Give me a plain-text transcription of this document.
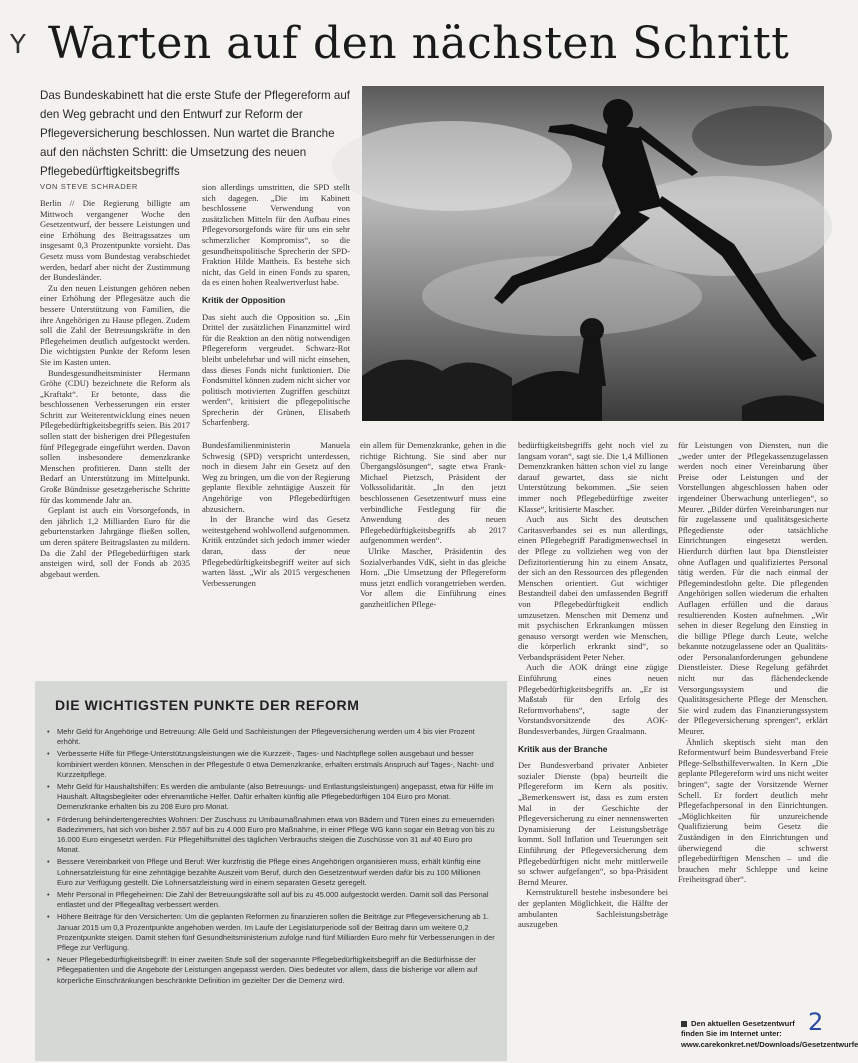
Y Warten auf den nächsten Schritt
Das Bundeskabinett hat die erste Stufe der Pflegereform auf den Weg gebracht und den Entwurf zur Reform der Pflegeversicherung beschlossen. Nun wartet die Branche auf den nächsten Schritt: die Umsetzung des neuen Pflegebedürftigkeitsbegriffs
VON STEVE SCHRADER

Berlin // Die Regierung billigte am Mittwoch vergangener Woche den Gesetzentwurf, der bessere Leistungen und eine Erhöhung des Beitragssatzes um insgesamt 0,3 Prozentpunkte vorsieht. Das Gesetz muss vom Bundestag verabschiedet werden, bedarf aber nicht der Zustimmung der Bundesländer.

Zu den neuen Leistungen gehören neben einer Erhöhung der Pflegesätze auch die bessere Unterstützung von Familien, die ihre Angehörigen zu Hause pflegen. Zudem soll die Zahl der Betreuungskräfte in den Pflegeheimen deutlich aufgestockt werden. Die wichtigsten Punkte der Reform lesen Sie im Kasten unten.

Bundesgesundheitsminister Hermann Gröhe (CDU) bezeichnete die Reform als „Kraftakt“. Er betonte, dass die beschlossenen Verbesserungen ein erster Schritt zur Weiterentwicklung eines neuen Pflegebedürftigkeitsbegriffs seien. Bis 2017 sollen statt der bisherigen drei Pflegestufen fünf Pflegegrade eingeführt werden. Davon sollen insbesondere demenzkranke Menschen profitieren. Dann stellt der Bedarf an Unterstützung im Mittelpunkt. Große Bündnisse gesetzgeberische Schritte für das kommende Jahr an.

Geplant ist auch ein Vorsorgefonds, in den jährlich 1,2 Milliarden Euro für die geburtenstarken Jahrgänge fließen sollen, um deren spätere Beitragslasten zu mildern. Da die Zahl der Pflegebedürftigen stark ansteigen wird, soll der Fonds ab 2035 abgebaut werden.

sion allerdings umstritten, die SPD stellt sich dagegen. „Die im Kabinett beschlossene Verwendung von zusätzlichen Mitteln für den Aufbau eines Pflegevorsorgefonds wäre für uns ein sehr schmerzlicher Kompromiss“, so die gesundheitspolitische Sprecherin der SPD-Fraktion Hilde Mattheis. Es bestehe sich nicht, das Geld in einen Fonds zu sparen, da es einen hohen Realwertverlust habe.

Kritik der Opposition

Das sieht auch die Opposition so. „Ein Drittel der zusätzlichen Finanzmittel wird für die Reaktion an den nötig notwendigen Pflegereform vergeudet. Schwarz-Rot bleibt unbelehrbar und will nicht einsehen, dass dieses Fonds nicht funktioniert. Die Fondsmittel können zudem nicht sicher vor politisch motivierten Zugriffen geschützt werden“, kritisiert die pflegepolitische Sprecherin der Grünen, Elisabeth Scharfenberg.

Bundesfamilienministerin Manuela Schwesig (SPD) verspricht unterdessen, noch in diesem Jahr ein Gesetz auf den Weg zu bringen, um die von der Regierung geplante flexible zehntägige Auszeit für Angehörige von Pflegebedürftigen abzusichern.

In der Branche wird das Gesetz weitestgehend wohlwollend aufgenommen. Kritik entzündet sich jedoch immer wieder daran, dass der neue Pflegebedürftigkeitsbegriff weiter auf sich warten lässt. „Wir als 2015 vergeschenen Verbesserungen

ein allem für Demenzkranke, gehen in die richtige Richtung. Sie sind aber nur Übergangslösungen“, sagte etwa Frank-Michael Pietzsch, Präsident der Volkssolidarität. „In den jetzt beschlossenen Gesetzentwurf muss eine verbindliche Festlegung für die Anwendung des neuen Pflegebedürftigkeitsbegriffs ab 2017 aufgenommen werden“.

Ulrike Mascher, Präsidentin des Sozialverbandes VdK, sieht in das gleiche Horn. „Die Umsetzung der Pflegereform muss jetzt endlich vorangetrieben werden. Vor allem die Einführung eines ganzheitlichen Pflege-

bedürftigkeitsbegriffs geht noch viel zu langsam voran“, sagt sie. Die 1,4 Millionen Demenzkranken hätten schon viel zu lange darauf gewartet, dass sie nicht Unterstützung bekommen. „Sie seien immer noch Pflegebedürftige zweiter Klasse“, kritisierte Mascher.

Auch aus Sicht des deutschen Caritasverbandes sei es nun allerdings, einen Pflegebegriff Paradigmenwechsel in der Pflege zu vollziehen weg von der Defizitorientierung hin zu einem Ansatz, der sich an den Ressourcen des pflegenden Menschen orientiert. Gut wichtiger Bestandteil dabei den umfassenden Begriff von Pflegebedürftigkeit endlich umzusetzen. Menschen mit Demenz und mit psychischen Erkrankungen müssen genauso versorgt werden wie Menschen, die körperlich erkrankt sind“, so Verbandspräsident Peter Neher.

Auch die AOK drängt eine zügige Einführung eines neuen Pflegebedürftigkeitsbegriffs an. „Er ist Maßstab für den Erfolg des Reformvorhabens“, sagte der Vorstandsvorsitzende des AOK-Bundesverbandes, Jürgen Graalmann.

Kritik aus der Branche

Der Bundesverband privater Anbieter sozialer Dienste (bpa) beurteilt die Pflegereform im Kern als positiv. „Bemerkenswert ist, dass es zum ersten Mal in der Geschichte der Pflegeversicherung zu einer nennenswerten Dynamisierung der Leistungsbeträge kommt. Soll Inflation und Teuerungen seit Einführung der Pflegeversicherung dem Pflegebedürftigen nicht mehr mittlerweile so schwer aufgefangen“, so bpa-Präsident Bernd Meurer.

Kernstrukturell bestehe insbesondere bei der geplanten Möglichkeit, die Hälfte der ambulanten Sachleistungsbeträge auszugeben

für Leistungen von Diensten, nun die „weder unter der Pflegekassenzugelassen werden noch einer Vereinbarung über Preise oder Leistungen und der Vorstellungen abgeschlossen haben oder irgendeiner Überwachung unterliegen“, so Meurer. „Bilder dürfen Vereinbarungen nur für zugelassene und qualitätsgesicherte Pflegedienste oder tatsächliche Einrichtungen eingesetzt werden. Hierdurch dürften laut bpa Dienstleister ohne Auflagen und qualifiziertes Personal tätig werden. Für die nach einmal der Pflegemindestlohn gelte. Die pflegenden Angehörigen sollen wiederum die erhalten Auflagen erfüllen und die daraus resultierenden Kosten aufnehmen. „Wir sehen in dieser Regelung den Einstieg in die billige Pflege durch Leute, welche bekannte notzugelassene oder an Qualitäts- oder Personalanforderungen gebundene Dienstleister. Diese Regelung gefährdet nicht nur das flächendeckende Versorgungssystem und die Qualitätsgesicherte Pflege der Menschen. Sie wird zudem das Finanzierungssystem der Pflegeversicherung sprengen“, erklärt Meurer.

Ähnlich skeptisch sieht man den Reformentwurf beim Bundesverband Freie Pflege-Selbsthilfeverwalten. In Kern „Die geplante Pflegereform wird uns nicht weiter bringen“, sagte der Vorsitzende Werner Schell. Er fordert deutlich mehr Pflegefachpersonal in den Einrichtungen. „Möglichkeiten für unzureichende Qualifizierung beim Gesetz die Zuständigen in den Einrichtungen und überwiegend die schwerst pflegebedürftigen Menschen – und die brauchen mehr Schleppe und keine Freiheitsgrad über“.

DIE WICHTIGSTEN PUNKTE DER REFORM
• Mehr Geld für Angehörige und Betreuung: Alle Geld und Sachleistungen der Pflegeversicherung werden um 4 bis vier Prozent erhöht.
• Verbesserte Hilfe für Pflege-Unterstützungsleistungen wie die Kurzzeit-, Tages- und Nachtpflege sollen ausgebaut und besser kombiniert werden können. Menschen in der Pflegestufe 0 etwa Demenzkranke, erhalten erstmals Anspruch auf Tages-, Nacht- und Kurzzeitpflege.
• Mehr Geld für Haushaltshilfen: Es werden die ambulante (also Betreuungs- und Entlastungsleistungen) angepasst, etwa für Hilfe im Haushalt. Alltagsbegleiter oder ehrenamtliche Helfer. Dafür erhalten künftig alle Pflegebedürftigen 104 Euro pro Monat. Demenzkranke erhalten bis zu 208 Euro pro Monat.
• Förderung behindertengerechtes Wohnen: Der Zuschuss zu Umbaumaßnahmen etwa von Bädern und Türen eines zu erneuernden Badezimmers, hat sich von bisher 2.557 auf bis zu 4.000 Euro pro Maßnahme, in einer Pflege WG kann sogar ein Betrag von bis zu 16.000 Euro eingesetzt werden. Für Pflegehilfsmittel des täglichen Verbrauchs steigen die Zuschüsse von 31 auf 40 Euro pro Monat.
• Bessere Vereinbarkeit von Pflege und Beruf: Wer kurzfristig die Pflege eines Angehörigen organisieren muss, erhält künftig eine Lohnersatzleistung für eine zehntägige bezahlte Auszeit vom Beruf, durch den Gesetzentwurf werden dafür bis zu 100 Millionen Euro zur Verfügung gestellt. Die Lohnersatzleistung wird in einem separaten Gesetz geregelt.
• Mehr Personal in Pflegeheimen: Die Zahl der Betreuungskräfte soll auf bis zu 45.000 aufgestockt werden. Damit soll das Personal entlastet und der Pflegealltag verbessert werden.
• Höhere Beiträge für den Versicherten: Um die geplanten Reformen zu finanzieren sollen die Beiträge zur Pflegeversicherung ab 1. Januar 2015 um 0,3 Prozentpunkte angehoben werden. Im Laufe der Legislaturperiode soll der Beitrag dann um weitere 0,2 Prozentpunkte steigen. Damit stehen fünf Gesundheitsministerium zufolge rund fünf Milliarden Euro mehr für Verbesserungen in der Pflege zur Verfügung.
• Neuer Pflegebedürftigkeitsbegriff: In einer zweiten Stufe soll der sogenannte Pflegebedürftigkeitsbegriff an die Bedürfnisse der Pflegepatienten und die Angebote der Leistungen angepasst werden. Dies bedeutet vor allem, dass die bisherige vor allem auf körperliche Einschränkungen beschränkte Definition im gezielter Der die Demenz wird.
Den aktuellen Gesetzentwurf
finden Sie im Internet unter:
www.carekonkret.net/Downloads/Gesetzentwurfe
2
